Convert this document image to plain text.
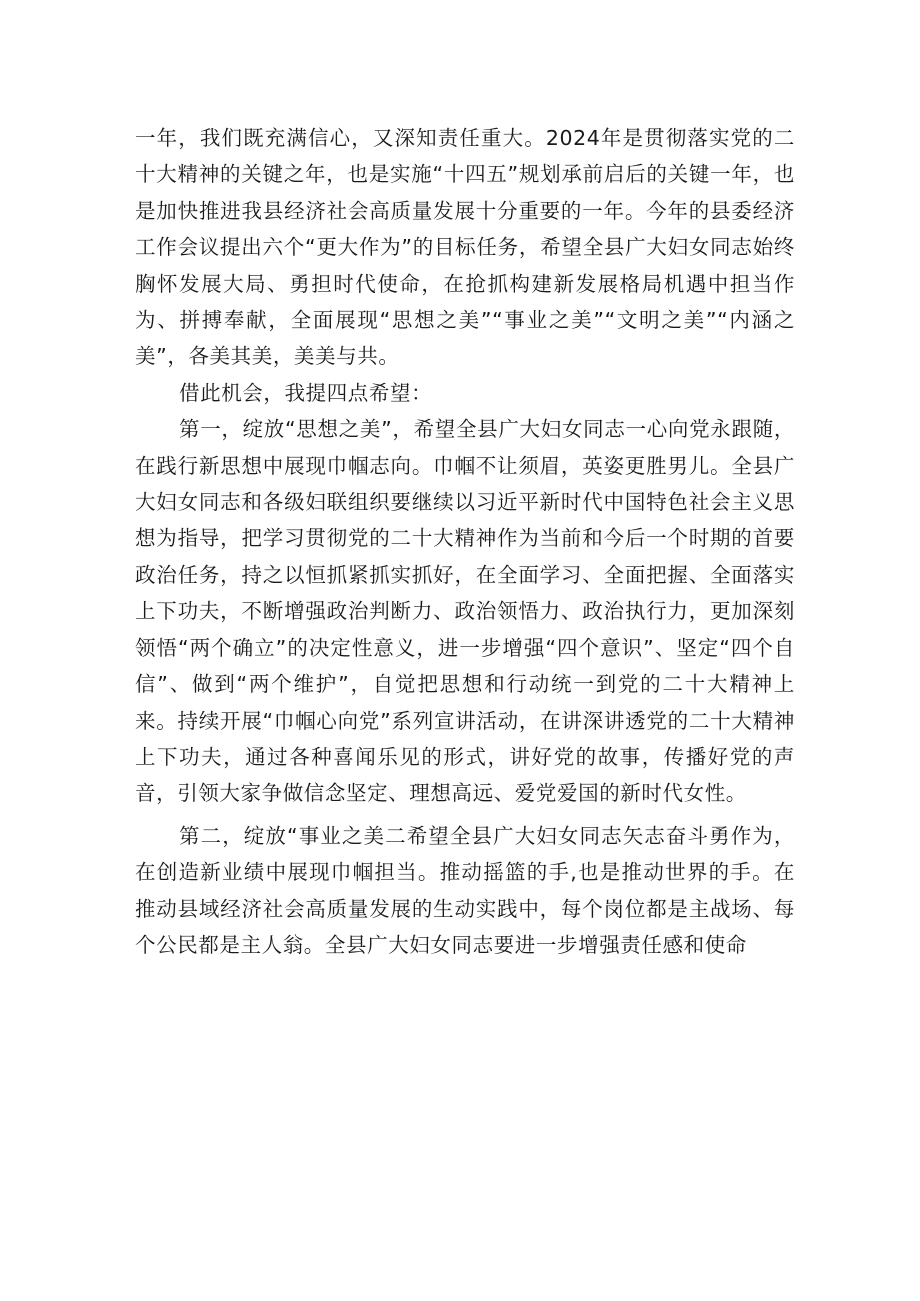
一年，我们既充满信心，又深知责任重大。2024年是贯彻落实党的二十大精神的关键之年，也是实施“十四五”规划承前启后的关键一年，也是加快推进我县经济社会高质量发展十分重要的一年。今年的县委经济工作会议提出六个“更大作为”的目标任务，希望全县广大妇女同志始终胸怀发展大局、勇担时代使命，在抢抓构建新发展格局机遇中担当作为、拼搏奉献，全面展现“思想之美”“事业之美”“文明之美”“内涵之美”，各美其美，美美与共。

借此机会，我提四点希望：

第一，绽放“思想之美”，希望全县广大妇女同志一心向党永跟随，在践行新思想中展现巾帼志向。巾帼不让须眉，英姿更胜男儿。全县广大妇女同志和各级妇联组织要继续以习近平新时代中国特色社会主义思想为指导，把学习贯彻党的二十大精神作为当前和今后一个时期的首要政治任务，持之以恒抓紧抓实抓好，在全面学习、全面把握、全面落实上下功夫，不断增强政治判断力、政治领悟力、政治执行力，更加深刻领悟“两个确立”的决定性意义，进一步增强“四个意识”、坚定“四个自信”、做到“两个维护”，自觉把思想和行动统一到党的二十大精神上来。持续开展“巾帼心向党”系列宣讲活动，在讲深讲透党的二十大精神上下功夫，通过各种喜闻乐见的形式，讲好党的故事，传播好党的声音，引领大家争做信念坚定、理想高远、爱党爱国的新时代女性。

第二，绽放“事业之美二希望全县广大妇女同志矢志奋斗勇作为，在创造新业绩中展现巾帼担当。推动摇篮的手,也是推动世界的手。在推动县域经济社会高质量发展的生动实践中，每个岗位都是主战场、每个公民都是主人翁。全县广大妇女同志要进一步增强责任感和使命
